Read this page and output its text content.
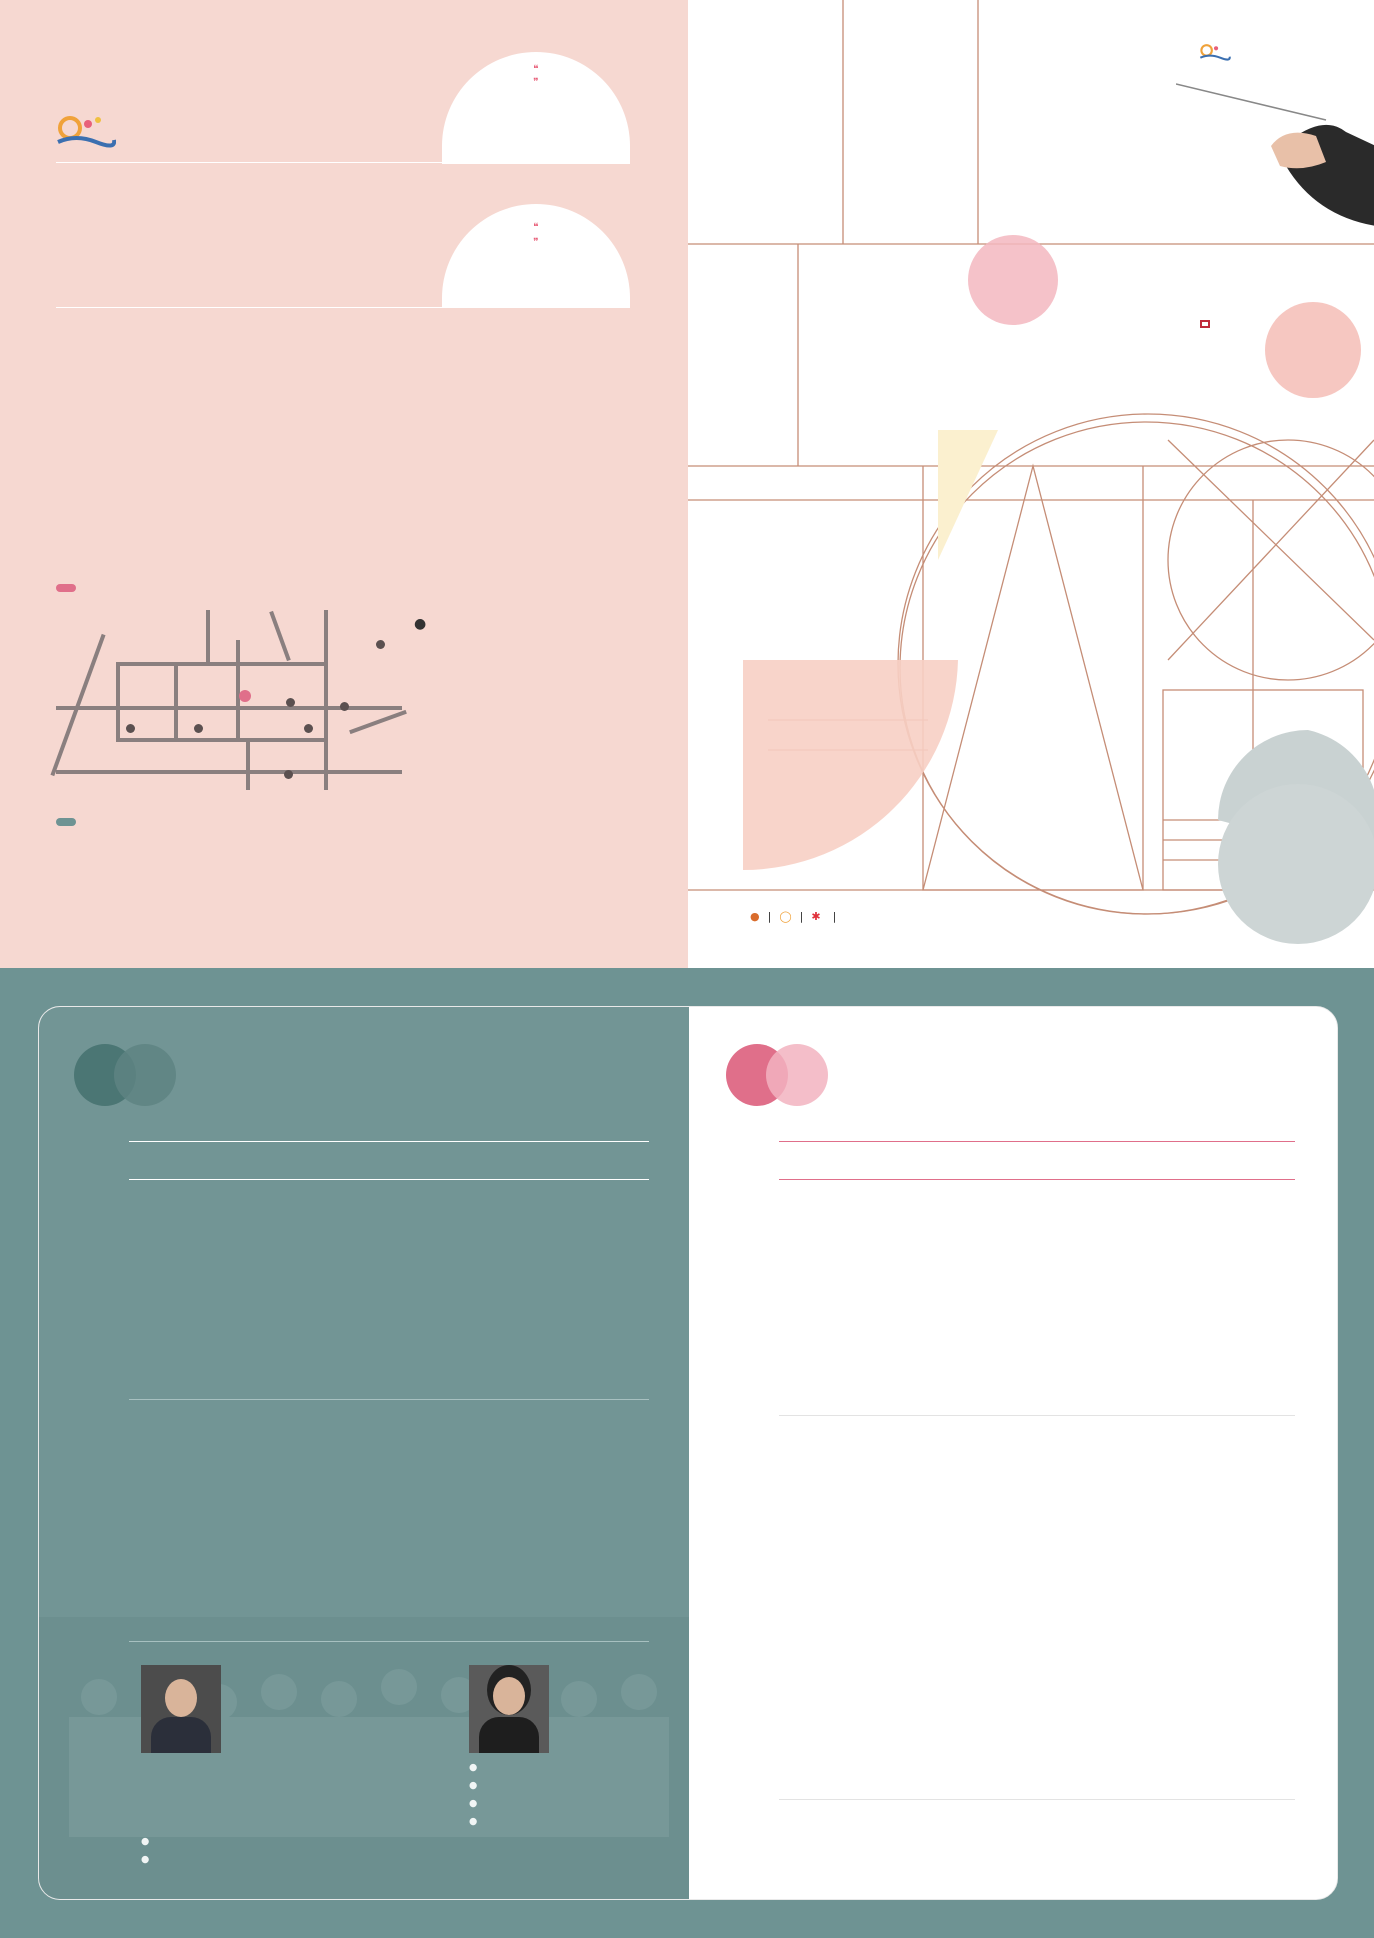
❝
❞
❝
❞
●
● | ◯ | ✱ |
●
●
●
●
●
●
